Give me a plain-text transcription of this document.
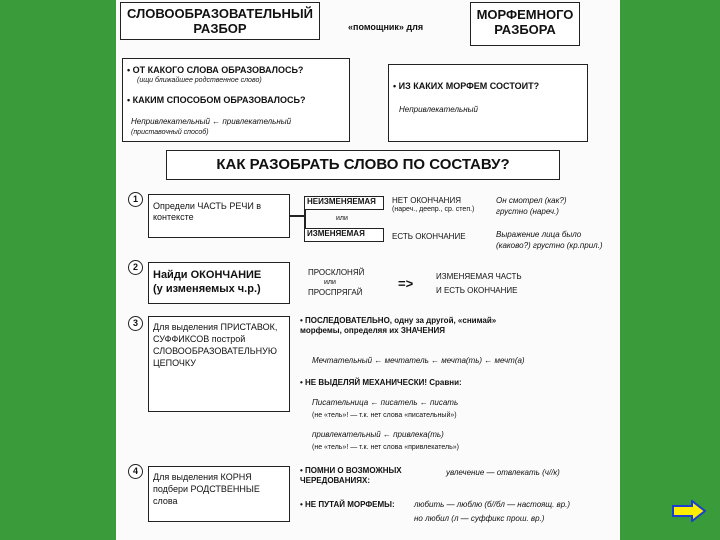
СЛОВООБРАЗОВАТЕЛЬНЫЙ
РАЗБОР	«помощник» для
МОРФЕМНОГО
РАЗБОРА
• ОТ КАКОГО СЛОВА ОБРАЗОВАЛОСЬ?
(ищи ближайшее родственное слово)
• КАКИМ СПОСОБОМ ОБРАЗОВАЛОСЬ?
Непривлекательный ← привлекательный
(приставочный способ)
• ИЗ КАКИХ МОРФЕМ СОСТОИТ?
Непривлекательный
КАК РАЗОБРАТЬ СЛОВО ПО СОСТАВУ?
1
Определи ЧАСТЬ РЕЧИ в контексте
НЕИЗМЕНЯЕМАЯ
или
ИЗМЕНЯЕМАЯ
НЕТ ОКОНЧАНИЯ
(нареч., деепр., ср. степ.)
ЕСТЬ ОКОНЧАНИЕ
Он смотрел (как?)
грустно (нареч.)
Выражение лица было
(каково?) грустно (кр.прил.)
2
Найди ОКОНЧАНИЕ
(у изменяемых ч.р.)
ПРОСКЛОНЯЙ
или
ПРОСПРЯГАЙ
=>	ИЗМЕНЯЕМАЯ ЧАСТЬ
И ЕСТЬ ОКОНЧАНИЕ
3	Для выделения ПРИСТАВОК, СУФФИКСОВ построй СЛОВООБРАЗОВАТЕЛЬНУЮ ЦЕПОЧКУ
• ПОСЛЕДОВАТЕЛЬНО, одну за другой, «снимай» морфемы, определяя их ЗНАЧЕНИЯ
Мечтательный ← мечтатель ← мечта(ть) ← мечт(а)
• НЕ ВЫДЕЛЯЙ МЕХАНИЧЕСКИ! Сравни:
Писательница ← писатель ← писать
(не «тель»! — т.к. нет слова «писательный»)
привлекательный ← привлека(ть)
(не «тель»! — т.к. нет слова «привлекатель»)
4
Для выделения КОРНЯ подбери РОДСТВЕННЫЕ слова
• ПОМНИ О ВОЗМОЖНЫХ ЧЕРЕДОВАНИЯХ:
увлечение — отвлекать (ч//к)
• НЕ ПУТАЙ МОРФЕМЫ:	любить — люблю (б//бл — настоящ. вр.)
но любил (л — суффикс прош. вр.)
